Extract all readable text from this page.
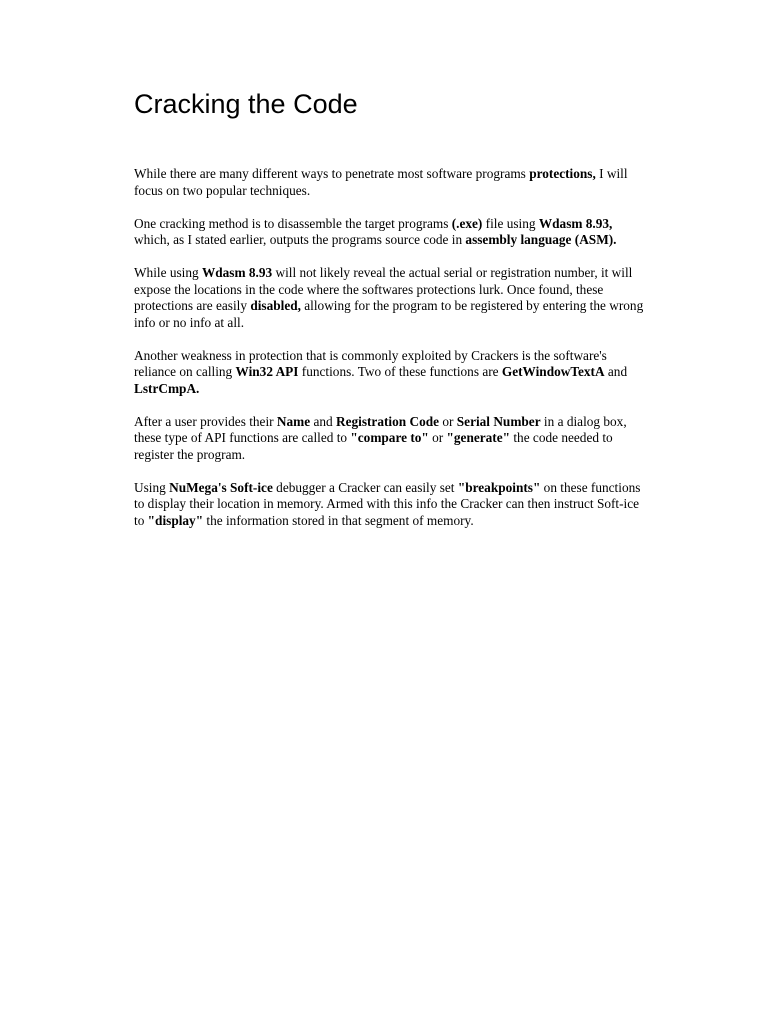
Cracking the Code

While there are many different ways to penetrate most software programs protections, I will focus on two popular techniques.

One cracking method is to disassemble the target programs (.exe) file using Wdasm 8.93, which, as I stated earlier, outputs the programs source code in assembly language (ASM).

While using Wdasm 8.93 will not likely reveal the actual serial or registration number, it will expose the locations in the code where the softwares protections lurk. Once found, these protections are easily disabled, allowing for the program to be registered by entering the wrong info or no info at all.

Another weakness in protection that is commonly exploited by Crackers is the software's reliance on calling Win32 API functions. Two of these functions are GetWindowTextA and LstrCmpA.

After a user provides their Name and Registration Code or Serial Number in a dialog box, these type of API functions are called to "compare to" or "generate" the code needed to register the program.

Using NuMega's Soft-ice debugger a Cracker can easily set "breakpoints" on these functions to display their location in memory. Armed with this info the Cracker can then instruct Soft-ice to "display" the information stored in that segment of memory.
